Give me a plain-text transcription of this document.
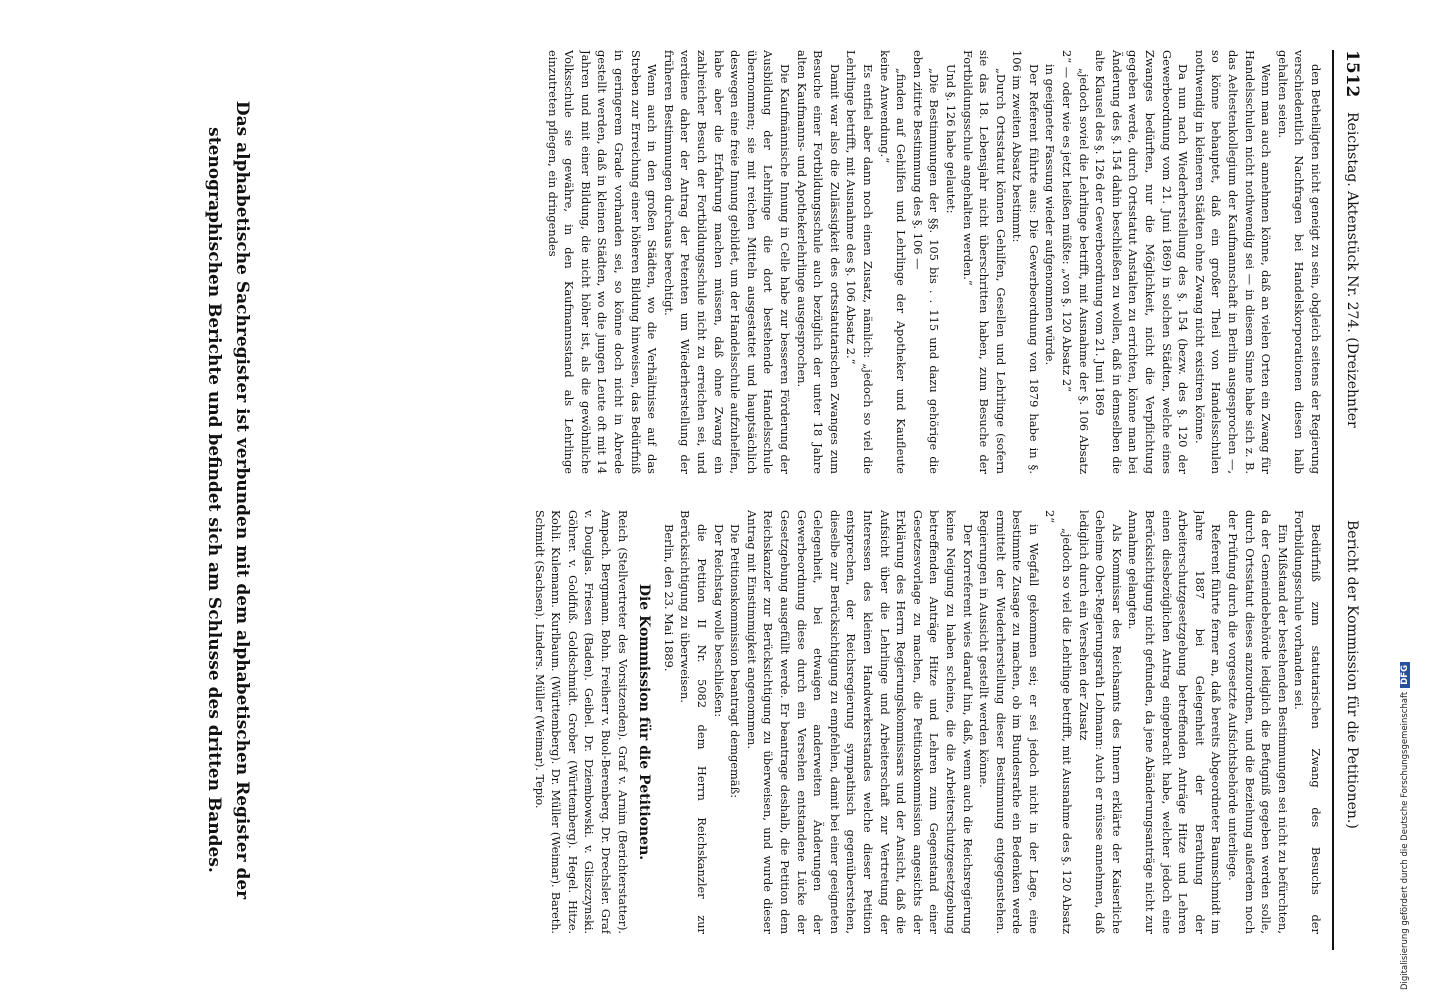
1512
Reichstag. Aktenstück Nr. 274. (Dreizehnter
Bericht der Kommission für die Petitionen.)

den Betheiligten nicht geneigt zu sein, obgleich seitens der Regierung verschiedentlich Nachfragen bei Handelskorporationen diesen halb gehalten seien.

Wenn man auch annehmen könne, daß an vielen Orten ein Zwang für Handelsschulen nicht nothwendig sei — in diesem Sinne habe sich z. B. das Aeltestenkollegium der Kaufmannschaft in Berlin ausgesprochen —, so könne behauptet, daß ein großer Theil von Handelsschulen nothwendig in kleineren Städten ohne Zwang nicht existiren könne.

Da nun nach Wiederherstellung des §. 154 (bezw. des §. 120 der Gewerbeordnung vom 21. Juni 1869) in solchen Städten, welche eines Zwanges bedürften, nur die Möglichkeit, nicht die Verpflichtung gegeben werde, durch Ortsstatut Anstalten zu errichten, könne man bei Änderung des §. 154 dahin beschließen zu wollen, daß in demselben die alte Klausel des §. 126 der Gewerbeordnung vom 21. Juni 1869

„jedoch soviel die Lehrlinge betrifft, mit Ausnahme der §. 106 Absatz 2“ — oder wie es jetzt heißen müßte: „von §. 120 Absatz 2“

in geeigneter Fassung wieder aufgenommen würde.

Der Referent führte aus: Die Gewerbeordnung von 1879 habe in §. 106 im zweiten Absatz bestimmt:

„Durch Ortsstatut können Gehilfen, Gesellen und Lehrlinge (sofern sie das 18. Lebensjahr nicht überschritten haben, zum Besuche der Fortbildungsschule angehalten werden.“

Und §. 126 habe gelautet:

„Die Bestimmungen der §§. 105 bis . . 115 und dazu gehörige die eben zitirte Bestimmung des §. 106 —

„finden auf Gehilfen und Lehrlinge der Apotheker und Kaufleute keine Anwendung.“

Es entfiel aber dann noch einen Zusatz, nämlich: „jedoch so viel die Lehrlinge betrifft, mit Ausnahme des §. 106 Absatz 2.“

Damit war also die Zulässigkeit des ortsstatutarischen Zwanges zum Besuche einer Fortbildungsschule auch bezüglich der unter 18 Jahre alten Kaufmanns- und Apothekerlehrlinge ausgesprochen.

Die Kaufmännische Innung in Celle habe zur besseren Förderung der Ausbildung der Lehrlinge die dort bestehende Handelsschule übernommen; sie mit reichen Mitteln ausgestattet und hauptsächlich deswegen eine freie Innung gebildet, um der Handelsschule aufzuhelfen, habe aber die Erfahrung machen müssen, daß ohne Zwang ein zahlreicher Besuch der Fortbildungsschule nicht zu erreichen sei, und verdiene daher der Antrag der Petenten um Wiederherstellung der früheren Bestimmungen durchaus berechtigt.

Wenn auch in den großen Städten, wo die Verhältnisse auf das Streben zur Erreichung einer höheren Bildung hinweisen, das Bedürfniß in geringerem Grade vorhanden sei, so könne doch nicht in Abrede gestellt werden, daß in kleinen Städten, wo die jungen Leute oft mit 14 Jahren und mit einer Bildung, die nicht höher ist, als die gewöhnliche Volksschule sie gewähre, in den Kaufmannsstand als Lehrlinge einzutreten pflegen, ein dringendes

Bedürfniß zum statutarischen Zwang des Besuchs der Fortbildungsschule vorhanden sei.

Ein Mißstand der bestehenden Bestimmungen sei nicht zu befürchten, da der Gemeindebehörde lediglich die Befugniß gegeben werden solle, durch Ortsstatut dieses anzuordnen, und die Beziehung außerdem noch der Prüfung durch die vorgesetzte Aufsichtsbehörde unterliege.

Referent führte ferner an, daß bereits Abgeordneter Baumschmidt im Jahre 1887 bei Gelegenheit der Berathung der Arbeiterschutzgesetzgebung betreffenden Anträge Hitze und Lehren einen diesbezüglichen Antrag eingebracht habe, welcher jedoch eine Berücksichtigung nicht gefunden, da jene Abänderungsanträge nicht zur Annahme gelangten.

Als Kommissar des Reichsamts des Innern erklärte der Kaiserliche Geheime Ober-Regierungsrath Lohmann: Auch er müsse annehmen, daß lediglich durch ein Versehen der Zusatz

„jedoch so viel die Lehrlinge betrifft, mit Ausnahme des §. 120 Absatz 2“

in Wegfall gekommen sei; er sei jedoch nicht in der Lage, eine bestimmte Zusage zu machen, ob im Bundesrathe ein Bedenken werde ermittelt der Wiederherstellung dieser Bestimmung entgegenstehen. Regierungen in Aussicht gestellt werden könne.

Der Korreferent wies darauf hin, daß, wenn auch die Reichsregierung keine Neigung zu haben scheine, die die Arbeiterschutzgesetzgebung betreffenden Anträge Hitze und Lehren zum Gegenstand einer Gesetzesvorlage zu machen, die Petitionskommission angesichts der Erklärung des Herrn Regierungskommissars und der Ansicht, daß die Aufsicht über die Lehrlinge und Arbeiterschaft zur Vertretung der Interessen des kleinen Handwerkerstandes welche dieser Petition entsprechen, der Reichsregierung sympathisch gegenüberstehen, dieselbe zur Berücksichtigung zu empfehlen, damit bei einer geeigneten Gelegenheit, bei etwaigen anderweiten Änderungen der Gewerbeordnung diese durch ein Versehen entstandene Lücke der Gesetzgebung ausgefüllt werde. Er beantrage deshalb, die Petition dem Reichskanzler zur Berücksichtigung zu überweisen, und wurde dieser Antrag mit Einstimmigkeit angenommen.

Die Petitionskommission beantragt demgemäß:

Der Reichstag wolle beschließen:

die Petition II Nr. 5082 dem Herrn Reichskanzler zur Berücksichtigung zu überweisen.

Berlin, den 23. Mai 1889.

Die Kommission für die Petitionen.
Reich (Stellvertreter des Vorsitzenden). Graf v. Arnim (Berichterstatter). Ampach. Bergmann. Bohn. Freiherr v. Buol-Berenberg. Dr. Drechsler. Graf v. Douglas. Friesen (Baden). Geibel. Dr. Dziembowski. v. Gliszczynski. Göhrer. v. Goldfuß. Goldschmidt. Grober (Württemberg). Hegel. Hitze. Kohli. Kulemann. Kurlbaum. (Württemberg). Dr. Müller (Weimar). Bareth. Schmidt (Sachsen). Linders. Müller (Weimar). Tepio.
Das alphabetische Sachregister ist verbunden mit dem alphabetischen Register der stenographischen Berichte und befindet sich am Schlusse des dritten Bandes.	Digitalisierung gefördert durch die Deutsche ForschungsgemeinschaftDFG
